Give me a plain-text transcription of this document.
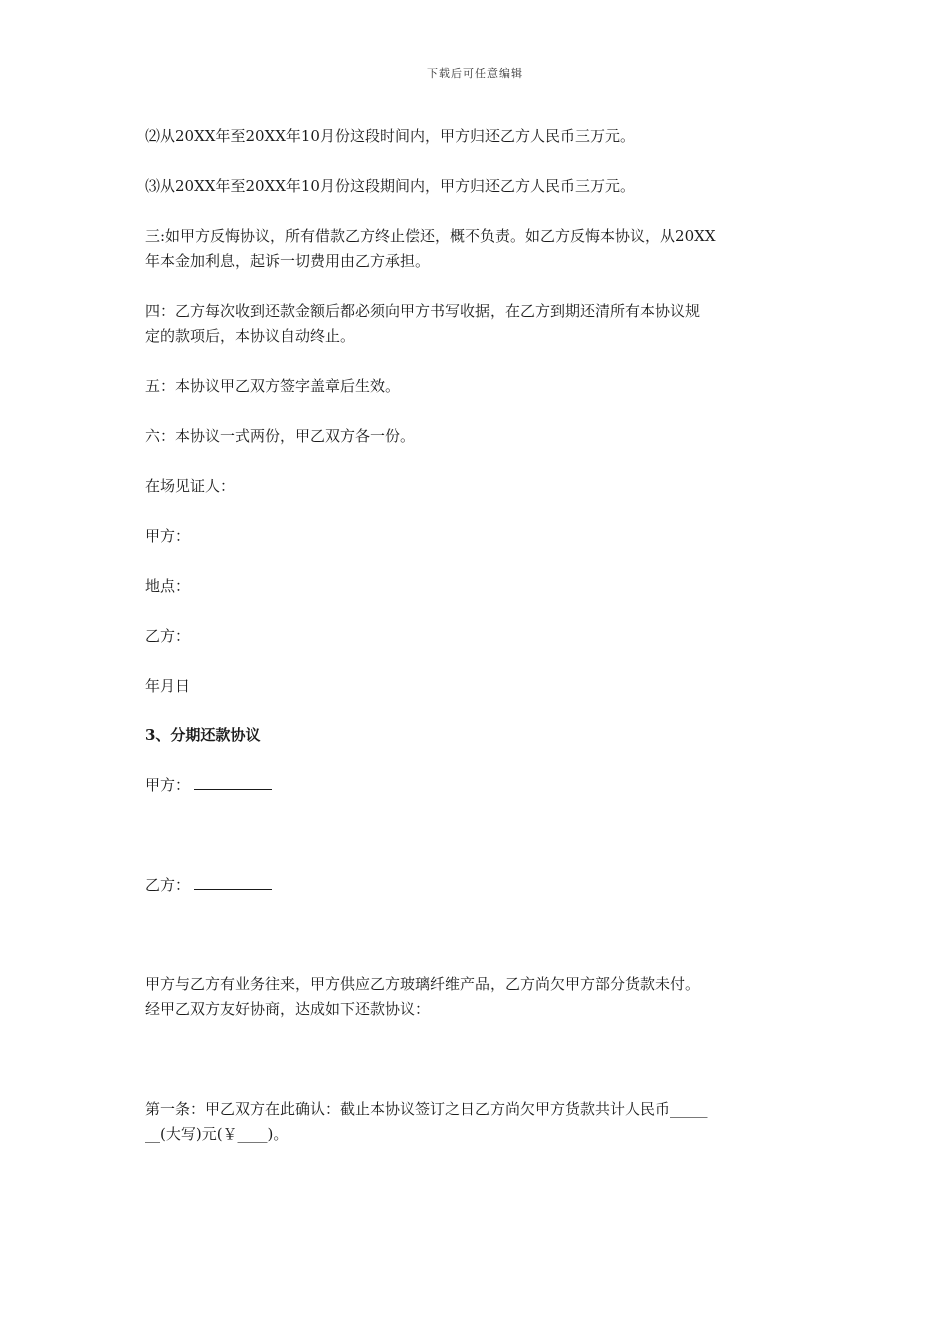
下载后可任意编辑
⑵从20XX年至20XX年10月份这段时间内，甲方归还乙方人民币三万元。
⑶从20XX年至20XX年10月份这段期间内，甲方归还乙方人民币三万元。
三:如甲方反悔协议，所有借款乙方终止偿还，概不负责。如乙方反悔本协议，从20XX
年本金加利息，起诉一切费用由乙方承担。
四：乙方每次收到还款金额后都必须向甲方书写收据，在乙方到期还清所有本协议规
定的款项后，本协议自动终止。
五：本协议甲乙双方签字盖章后生效。
六：本协议一式两份，甲乙双方各一份。
在场见证人：
甲方：
地点：
乙方：
年月日
3、分期还款协议
甲方：
乙方：
甲方与乙方有业务往来，甲方供应乙方玻璃纤维产品，乙方尚欠甲方部分货款未付。
经甲乙双方友好协商，达成如下还款协议：
第一条：甲乙双方在此确认：截止本协议签订之日乙方尚欠甲方货款共计人民币_____
__(大写)元(￥____)。
